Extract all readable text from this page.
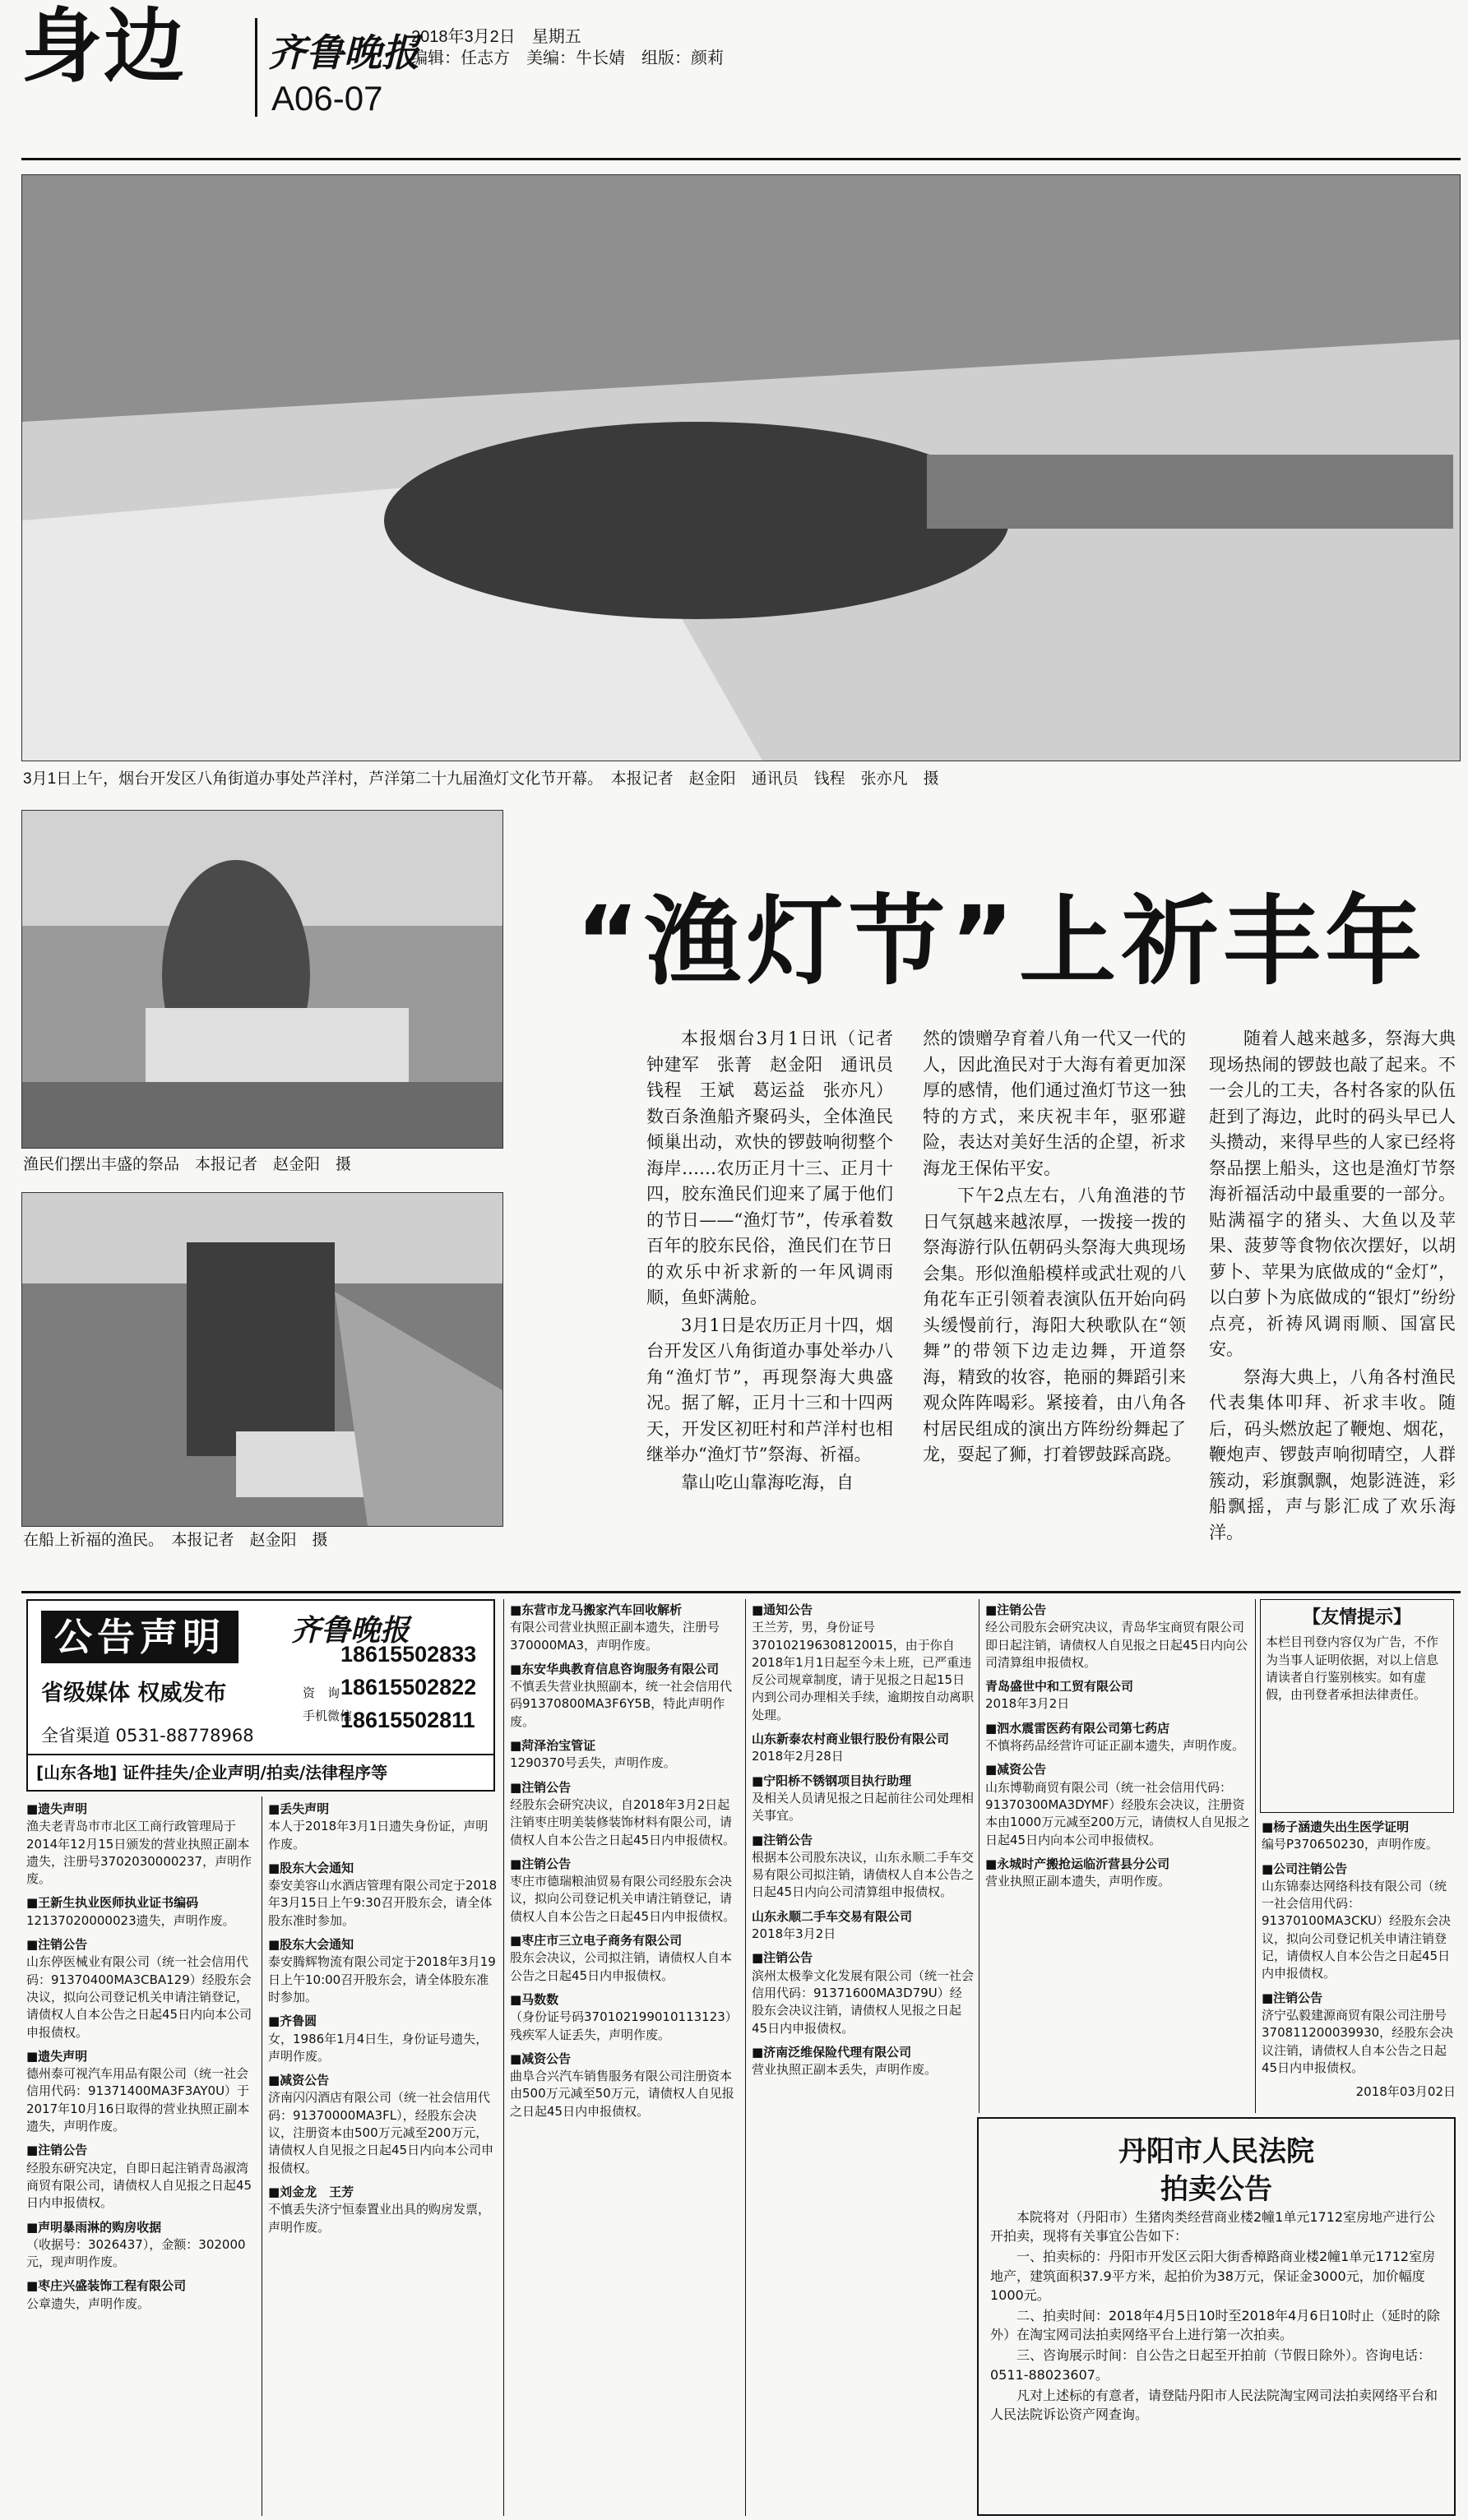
身边 齐鲁晚报
2018年3月2日　星期五
编辑：任志方　美编：牛长婧　组版：颜莉
A06-07
3月1日上午，烟台开发区八角街道办事处芦洋村，芦洋第二十九届渔灯文化节开幕。　本报记者　赵金阳　通讯员　钱程　张亦凡　摄
渔民们摆出丰盛的祭品　本报记者　赵金阳　摄
在船上祈福的渔民。　本报记者　赵金阳　摄
“渔灯节”上祈丰年

本报烟台3月1日讯（记者　钟建军　张菁　赵金阳　通讯员　钱程　王斌　葛运益　张亦凡）数百条渔船齐聚码头，全体渔民倾巢出动，欢快的锣鼓响彻整个海岸……农历正月十三、正月十四，胶东渔民们迎来了属于他们的节日——“渔灯节”，传承着数百年的胶东民俗，渔民们在节日的欢乐中祈求新的一年风调雨顺，鱼虾满舱。

3月1日是农历正月十四，烟台开发区八角街道办事处举办八角“渔灯节”，再现祭海大典盛况。据了解，正月十三和十四两天，开发区初旺村和芦洋村也相继举办“渔灯节”祭海、祈福。

靠山吃山靠海吃海，自

然的馈赠孕育着八角一代又一代的人，因此渔民对于大海有着更加深厚的感情，他们通过渔灯节这一独特的方式，来庆祝丰年，驱邪避险，表达对美好生活的企望，祈求海龙王保佑平安。

下午2点左右，八角渔港的节日气氛越来越浓厚，一拨接一拨的祭海游行队伍朝码头祭海大典现场会集。形似渔船模样或武壮观的八角花车正引领着表演队伍开始向码头缓慢前行，海阳大秧歌队在“领舞”的带领下边走边舞，开道祭海，精致的妆容，艳丽的舞蹈引来观众阵阵喝彩。紧接着，由八角各村居民组成的演出方阵纷纷舞起了龙，耍起了狮，打着锣鼓踩高跷。

随着人越来越多，祭海大典现场热闹的锣鼓也敲了起来。不一会儿的工夫，各村各家的队伍赶到了海边，此时的码头早已人头攒动，来得早些的人家已经将祭品摆上船头，这也是渔灯节祭海祈福活动中最重要的一部分。贴满福字的猪头、大鱼以及苹果、菠萝等食物依次摆好，以胡萝卜、苹果为底做成的“金灯”，以白萝卜为底做成的“银灯”纷纷点亮，祈祷风调雨顺、国富民安。

祭海大典上，八角各村渔民代表集体叩拜、祈求丰收。随后，码头燃放起了鞭炮、烟花，鞭炮声、锣鼓声响彻晴空，人群簇动，彩旗飘飘，炮影涟涟，彩船飘摇，声与影汇成了欢乐海洋。

公告声明	齐鲁晚报
省级媒体 权威发布
全省渠道 0531-88778968
资　询
手机微信
18615502833
18615502822
18615502811
[山东各地] 证件挂失/企业声明/拍卖/法律程序等
■遗失声明
渔夫老青岛市市北区工商行政管理局于2014年12月15日颁发的营业执照正副本遗失，注册号3702030000237，声明作废。
■王新生执业医师执业证书编码
12137020000023遗失，声明作废。
■注销公告
山东停医械业有限公司（统一社会信用代码：91370400MA3CBA129）经股东会决议，拟向公司登记机关申请注销登记，请债权人自本公告之日起45日内向本公司申报债权。
■遗失声明
德州泰可视汽车用品有限公司（统一社会信用代码：91371400MA3F3AY0U）于2017年10月16日取得的营业执照正副本遗失，声明作废。
■注销公告
经股东研究决定，自即日起注销青岛淑湾商贸有限公司，请债权人自见报之日起45日内申报债权。
■声明暴雨淋的购房收据
（收据号：3026437），金额：302000元，现声明作废。
■枣庄兴盛装饰工程有限公司
公章遗失，声明作废。
■丢失声明
本人于2018年3月1日遗失身份证，声明作废。
■股东大会通知
泰安美容山水酒店管理有限公司定于2018年3月15日上午9:30召开股东会，请全体股东准时参加。
■股东大会通知
泰安腾辉物流有限公司定于2018年3月19日上午10:00召开股东会，请全体股东准时参加。
■齐鲁圆
女，1986年1月4日生，身份证号遗失，声明作废。
■减资公告
济南闪闪酒店有限公司（统一社会信用代码：91370000MA3FL），经股东会决议，注册资本由500万元减至200万元，请债权人自见报之日起45日内向本公司申报债权。
■刘金龙　王芳
不慎丢失济宁恒泰置业出具的购房发票，声明作废。
■东营市龙马搬家汽车回收解析
有限公司营业执照正副本遗失，注册号370000MA3，声明作废。
■东安华典教育信息咨询服务有限公司
不慎丢失营业执照副本，统一社会信用代码91370800MA3F6Y5B，特此声明作废。
■菏泽治宝管证
1290370号丢失，声明作废。
■注销公告
经股东会研究决议，自2018年3月2日起注销枣庄明美装修装饰材料有限公司，请债权人自本公告之日起45日内申报债权。
■注销公告
枣庄市德瑞粮油贸易有限公司经股东会决议，拟向公司登记机关申请注销登记，请债权人自本公告之日起45日内申报债权。
■枣庄市三立电子商务有限公司
股东会决议，公司拟注销，请债权人自本公告之日起45日内申报债权。
■马数数
（身份证号码370102199010113123）残疾军人证丢失，声明作废。
■减资公告
曲阜合兴汽车销售服务有限公司注册资本由500万元减至50万元，请债权人自见报之日起45日内申报债权。
■通知公告
王兰芳，男，身份证号370102196308120015，由于你自2018年1月1日起至今未上班，已严重违反公司规章制度，请于见报之日起15日内到公司办理相关手续，逾期按自动离职处理。
山东新泰农村商业银行股份有限公司
2018年2月28日
■宁阳桥不锈钢项目执行助理
及相关人员请见报之日起前往公司处理相关事宜。
■注销公告
根据本公司股东决议，山东永顺二手车交易有限公司拟注销，请债权人自本公告之日起45日内向公司清算组申报债权。
山东永顺二手车交易有限公司
2018年3月2日
■注销公告
滨州太极拳文化发展有限公司（统一社会信用代码：91371600MA3D79U）经股东会决议注销，请债权人见报之日起45日内申报债权。
■济南泛维保险代理有限公司
营业执照正副本丢失，声明作废。
■注销公告
经公司股东会研究决议，青岛华宝商贸有限公司即日起注销，请债权人自见报之日起45日内向公司清算组申报债权。
青岛盛世中和工贸有限公司
2018年3月2日
■泗水震雷医药有限公司第七药店
不慎将药品经营许可证正副本遗失，声明作废。
■减资公告
山东博勒商贸有限公司（统一社会信用代码：91370300MA3DYMF）经股东会决议，注册资本由1000万元减至200万元，请债权人自见报之日起45日内向本公司申报债权。
■永城时产搬抢运临沂营县分公司
营业执照正副本遗失，声明作废。
【友情提示】
本栏目刊登内容仅为广告，不作为当事人证明依据，对以上信息请读者自行鉴别核实。如有虚假，由刊登者承担法律责任。
■杨子涵遗失出生医学证明
编号P370650230，声明作废。
■公司注销公告
山东锦泰达网络科技有限公司（统一社会信用代码：91370100MA3CKU）经股东会决议，拟向公司登记机关申请注销登记，请债权人自本公告之日起45日内申报债权。
■注销公告
济宁弘毅建源商贸有限公司注册号370811200039930，经股东会决议注销，请债权人自本公告之日起45日内申报债权。
2018年03月02日
丹阳市人民法院
拍卖公告

本院将对（丹阳市）生猪肉类经营商业楼2幢1单元1712室房地产进行公开拍卖，现将有关事宜公告如下：

一、拍卖标的：丹阳市开发区云阳大街香樟路商业楼2幢1单元1712室房地产，建筑面积37.9平方米，起拍价为38万元，保证金3000元，加价幅度1000元。

二、拍卖时间：2018年4月5日10时至2018年4月6日10时止（延时的除外）在淘宝网司法拍卖网络平台上进行第一次拍卖。

三、咨询展示时间：自公告之日起至开拍前（节假日除外）。咨询电话：0511-88023607。

凡对上述标的有意者，请登陆丹阳市人民法院淘宝网司法拍卖网络平台和人民法院诉讼资产网查询。
